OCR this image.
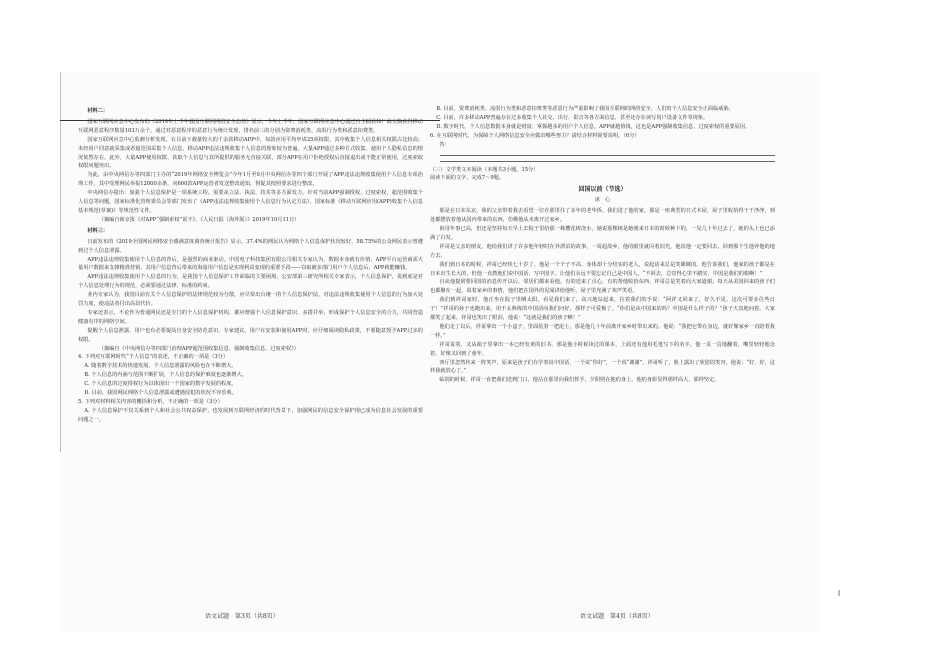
材料二：

国家互联网应急中心发布的《2019年上半年我国互联网网络安全态势》显示，今年上半年，国家互联网应急中心通过自主捕获和厂商交换获得移动互联网恶意程序数量103万余个，通过对恶意程序的恶意行为统计发现，排名前三的分别为资费消耗类、流氓行为类和恶意扣费类。

国家互联网应急中心监测分析发现，在目前下载量较大的千余款移动APP中，每款应用平均申请25项权限，其中收集个人信息相关权限占比较高；未经用户同意就采集或者超范围采集个人信息，移动APP违法违规收集个人信息的现象较为普遍，大量APP通过多种方式收集、使用个人隐私信息的情况依然存在。此外，大量APP使用权限、获取个人信息与其所提供的服务无直接关联，部分APP在用户拒绝授权后直接退出或不能正常使用，过度索取权限问题突出。

为此，由中央网信办等四部门主办的“2019年网络安全博览会”今年1月至9月中央网信办等四个部门开展了APP违法违规收集使用个人信息专项治理工作，其中受理网民举报12000余条，向600款APP运营者发送整改通知，督促其按照要求进行整改。

中央网信办提出：加强个人信息保护是一项系统工程，需要从立法、执法、技术等多方面发力，针对当前APP强制授权、过度索权、超范围收集个人信息等问题，国家标准化管理委员会等部门发布了《APP违法违规收集使用个人信息行为认定方法》，国家标准《移动互联网应用(APP)收集个人信息基本规范(草案)》等规范性文件。

（摘编自新京报《对APP“强制索权”说不》，《人民日报（海外版）》2019年10月11日）

材料三：

日前发布的《2019全国网民网络安全感满意度调查统计报告》显示，37.4%的网民认为网络个人信息保护状况较好，58.75%的公众网民表示曾遭到过个人信息泄露。

APP违法违规收集使用个人信息的背后，是强烈的商业驱动。中国电子科技集团有限公司相关专家认为，数据本身就有价值，APP平台运营商需大量用户数据来支撑精准营销，其用户信息背后带来的海量用户信息是实现利益变现的重要手段——窃取被多部门用户个人信息后，APP就能赚钱。

APP违法违规收集使用个人信息的行为，是我国个人信息保护工作面临的主要困境。公安部第三研究所相关专家表示，个人信息保护，说到底是对个人信息处理行为的规范，必须要通过法律、标准的约束。

业内专家认为，我国目前有关个人信息保护的法律规范较为分散，应尽快出台统一的个人信息保护法，对违法违规收集使用个人信息的行为加大处罚力度，使违法者付出高昂代价。

专家还表示，不论作为普通网民还是专门的个人信息保护机构，都应增强个人信息保护意识，多措并举，形成保护个人信息安全的合力，共同营造健康有序的网络空间。

提醒个人信息泄露，用户也有必要提高自身安全防范意识。专家建议，用户在安装和使用APP时，应仔细阅读隐私政策，不要随意授予APP过多的权限。

（摘编自《中央网信办等四部门治理APP超范围收集信息、强制收集信息、过度索权》）

4. 下列对互联网时代“个人信息”的表述，不正确的一项是（3分）

A. 随着数字技术的快速发展，个人信息泄露的风险也在不断增大。

B. 个人信息的内涵与范围不断扩展，个人信息的保护难度也逐渐增大。

C. 个人信息的过度授权行为以体现出一个国家的数字发展的程度。

D. 目前，我国网民网络个人信息泄露或遭遇侵犯的状况不容乐观。

5. 下列对材料相关内容的概括和分析，不正确的一项是（3分）

A. 个人信息保护不仅关系到个人和社会公共权益保护，也发展到互联网经济的时代背景下，加强网民的信息安全保护现已成为信息社会发展的重要问题之一。

B. 目前，资费消耗类、流氓行为类和恶意扣费类等恶意行为严重影响了我国互联网的网络安全，人们的个人信息安全正面临威胁。

C. 目前，许多移动APP普遍存在过多收集个人社交、出行、影音等各方面信息，甚至还存在读写用户设备文件等现象。

D. 数字时代，个人信息数据本身就是财富，掌握越多的用户个人信息，APP就越值钱，这也是APP强制收集信息，过度索权的重要原因。

6. 在互联网时代，为保障个人网络信息安全应做出哪些努力？请结合材料简要说明。（6分）

答：

（三）文学类文本阅读（本题共3小题，15分）

阅读下面的文字，完成7～9题。

回国以前（节选）
冰　心

那是在日本东京，我的父亲带着我去看望一位在那里住了多年的老华侨。我们进了他的家，那是一座典型的日式木屋，屋子里收拾得干干净净，到处都摆放着他从国内带来的东西，仿佛他从未离开过家乡。

祖母年事已高，但还是坚持每天早上去院子里给那一株樱花树浇水，她说那棵树是她刚来日本的时候种下的，一晃几十年过去了，她的头上也已添满了白发。

祥哥是父亲的朋友，他给我们讲了许多他年轻时在外漂泊的故事，一说起故乡，他的眼里就闪着泪光，他说他一定要回去，回到那个生他养他的地方去。

我们到日本的时候，祥哥已经快七十岁了，他是一个个子不高、身体却十分结实的老人，说起话来总是笑眯眯的。他告诉我们，他家的孩子都是在日本出生长大的，但他一直教他们说中国话，写中国字，让他们永远不要忘记自己是中国人。“不回去，总觉得心里不踏实，中国是我们的根啊！”

自从他提到要回国的消息传开以后，邻居们都来看他，有的送来了点心，有的帮他收拾东西，祥哥总是笑着向大家道谢。每天从美国回来的孩子们也都聚在一起，说着家乡的事情，他们把在国外的见闻讲给他听，屋子里充满了欢声笑语。

我们到祥哥家时，他正坐在院子里晒太阳，看见我们来了，高兴地站起来，拉着我们的手说：“阿祥又回来了，好久不见，这次可要多住些日子！”祥哥的孙子也跑出来，用不太熟练的中国话向我们问好，那样子可爱极了。“你们是从中国来的吗？中国是什么样子的？”孩子天真地问着。大家都笑了起来，祥哥也笑出了眼泪，他说：“这就是我们的孩子啊！”

他们走了以后，祥哥拿出一个小盒子，里面装着一把泥土，那是他几十年前离开家乡时带出来的。他说：“我把它带在身边，就好像家乡一直陪着我一样。”

祥哥说着，又从箱子里拿出一本已经发黄的旧书，那是他小时候读过的课本，上面还有他用毛笔写下的名字。他一页一页地翻着，嘴里轻轻地念着，好像又回到了童年。

客厅里忽然传来一阵笑声，原来是孩子们在学着说中国话，一个说“你好”，一个说“谢谢”，祥哥听了，脸上露出了欣慰的笑容，他说：“好，好，这样我就放心了。”

临别的时候，祥哥一直把我们送到门口，他站在那里向我们挥手，夕阳照在他的身上，他的身影显得那样高大，那样坚定。

语文试题　第3页（共8页）	语文试题　第4页（共8页）
